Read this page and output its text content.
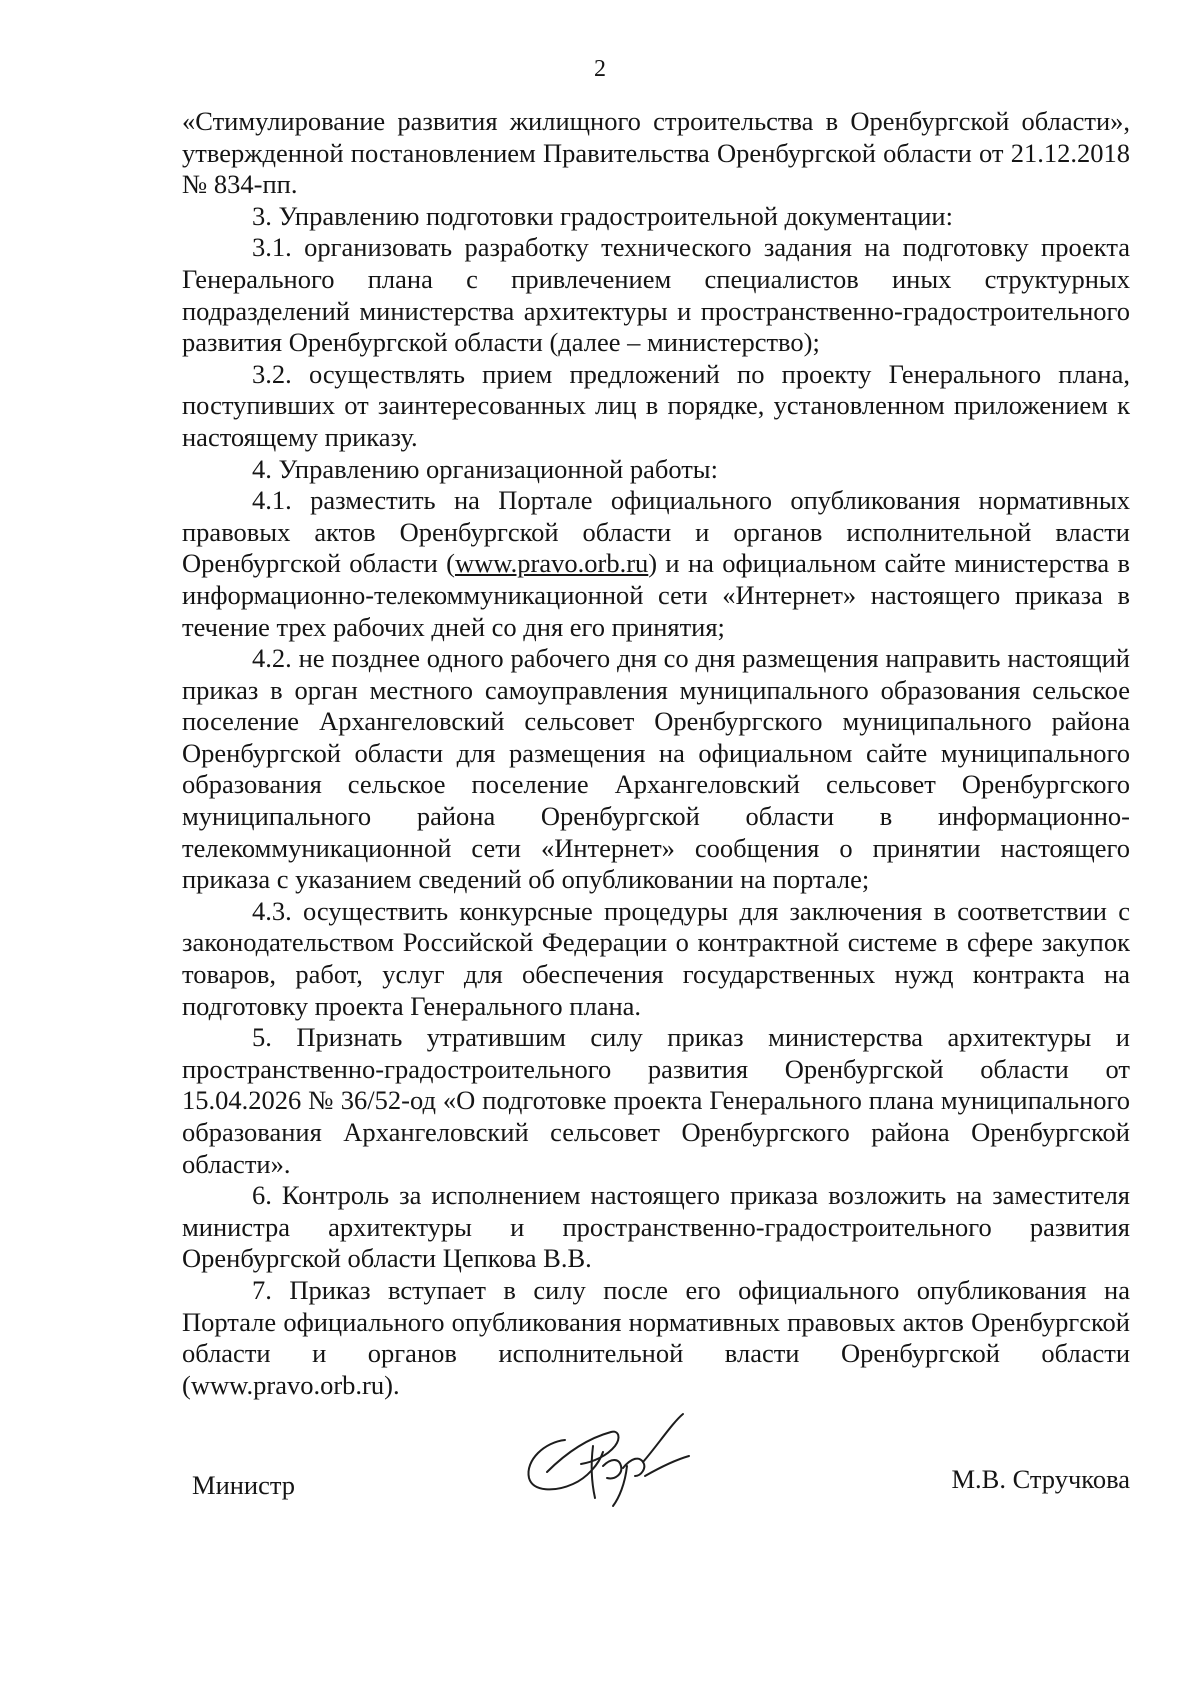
2

«Стимулирование развития жилищного строительства в Оренбургской области», утвержденной постановлением Правительства Оренбургской области от 21.12.2018 № 834-пп.

3. Управлению подготовки градостроительной документации:

3.1. организовать разработку технического задания на подготовку проекта Генерального плана с привлечением специалистов иных структурных подразделений министерства архитектуры и пространственно-градостроительного развития Оренбургской области (далее – министерство);

3.2. осуществлять прием предложений по проекту Генерального плана, поступивших от заинтересованных лиц в порядке, установленном приложением к настоящему приказу.

4. Управлению организационной работы:

4.1. разместить на Портале официального опубликования нормативных правовых актов Оренбургской области и органов исполнительной власти Оренбургской области (www.pravo.orb.ru) и на официальном сайте министерства в информационно-телекоммуникационной сети «Интернет» настоящего приказа в течение трех рабочих дней со дня его принятия;

4.2. не позднее одного рабочего дня со дня размещения направить настоящий приказ в орган местного самоуправления муниципального образования сельское поселение Архангеловский сельсовет Оренбургского муниципального района Оренбургской области для размещения на официальном сайте муниципального образования сельское поселение Архангеловский сельсовет Оренбургского муниципального района Оренбургской области в информационно-телекоммуникационной сети «Интернет» сообщения о принятии настоящего приказа с указанием сведений об опубликовании на портале;

4.3. осуществить конкурсные процедуры для заключения в соответствии с законодательством Российской Федерации о контрактной системе в сфере закупок товаров, работ, услуг для обеспечения государственных нужд контракта на подготовку проекта Генерального плана.

5. Признать утратившим силу приказ министерства архитектуры и пространственно-градостроительного развития Оренбургской области от 15.04.2026 № 36/52-од «О подготовке проекта Генерального плана муниципального образования Архангеловский сельсовет Оренбургского района Оренбургской области».

6. Контроль за исполнением настоящего приказа возложить на заместителя министра архитектуры и пространственно-градостроительного развития Оренбургской области Цепкова В.В.

7. Приказ вступает в силу после его официального опубликования на Портале официального опубликования нормативных правовых актов Оренбургской области и органов исполнительной власти Оренбургской области (www.pravo.orb.ru).

Министр	М.В. Стручкова
